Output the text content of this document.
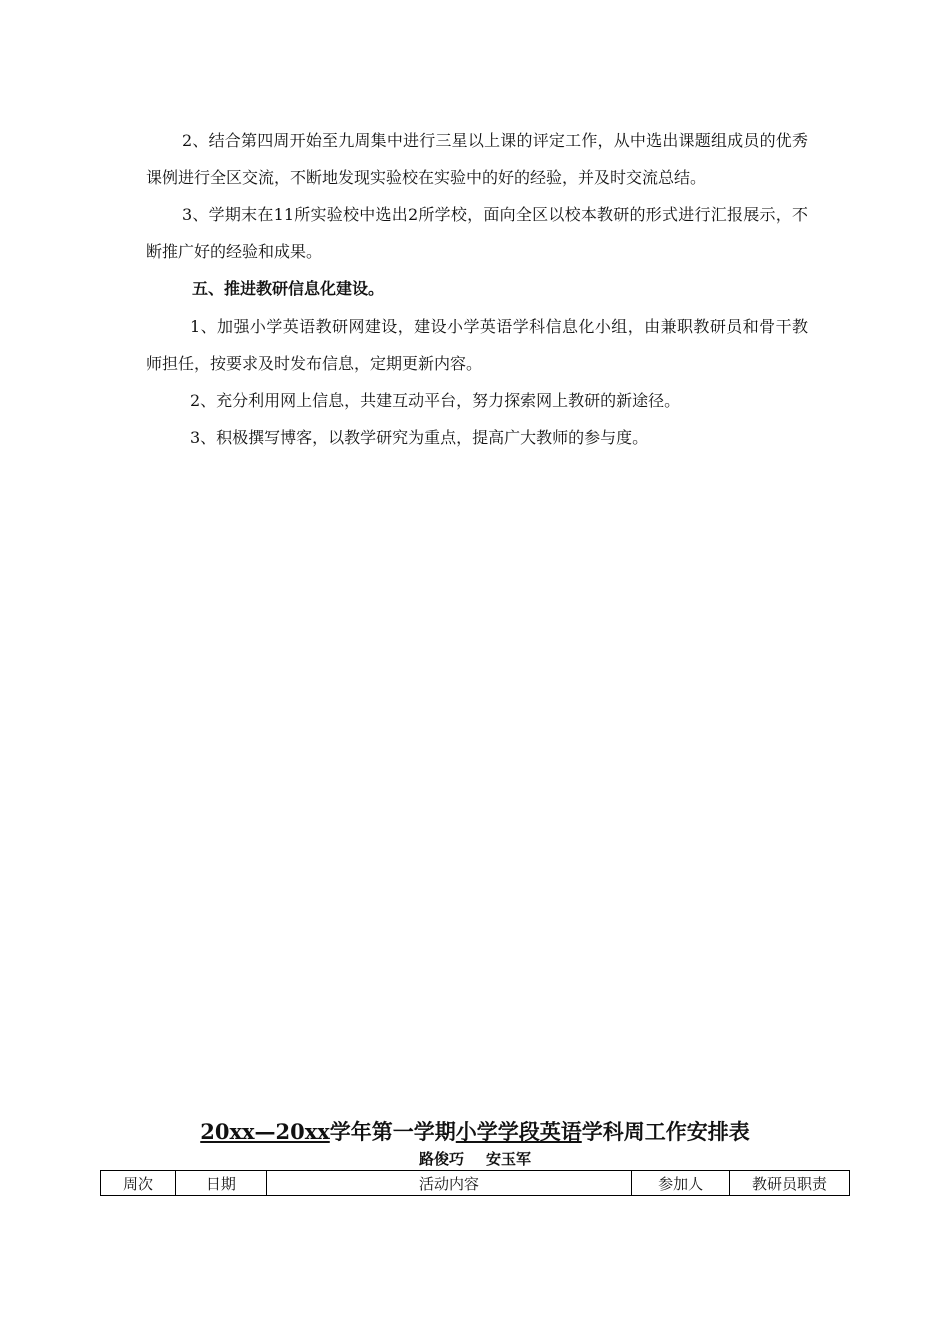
2、结合第四周开始至九周集中进行三星以上课的评定工作，从中选出课题组成员的优秀课例进行全区交流，不断地发现实验校在实验中的好的经验，并及时交流总结。

3、学期末在11所实验校中选出2所学校，面向全区以校本教研的形式进行汇报展示，不断推广好的经验和成果。

五、推进教研信息化建设。

1、加强小学英语教研网建设，建设小学英语学科信息化小组，由兼职教研员和骨干教师担任，按要求及时发布信息，定期更新内容。

2、充分利用网上信息，共建互动平台，努力探索网上教研的新途径。

3、积极撰写博客，以教学研究为重点，提高广大教师的参与度。

20xx—20xx学年第一学期小学学段英语学科周工作安排表
路俊巧 安玉军
周次	日期	活动内容	参加人	教研员职责
